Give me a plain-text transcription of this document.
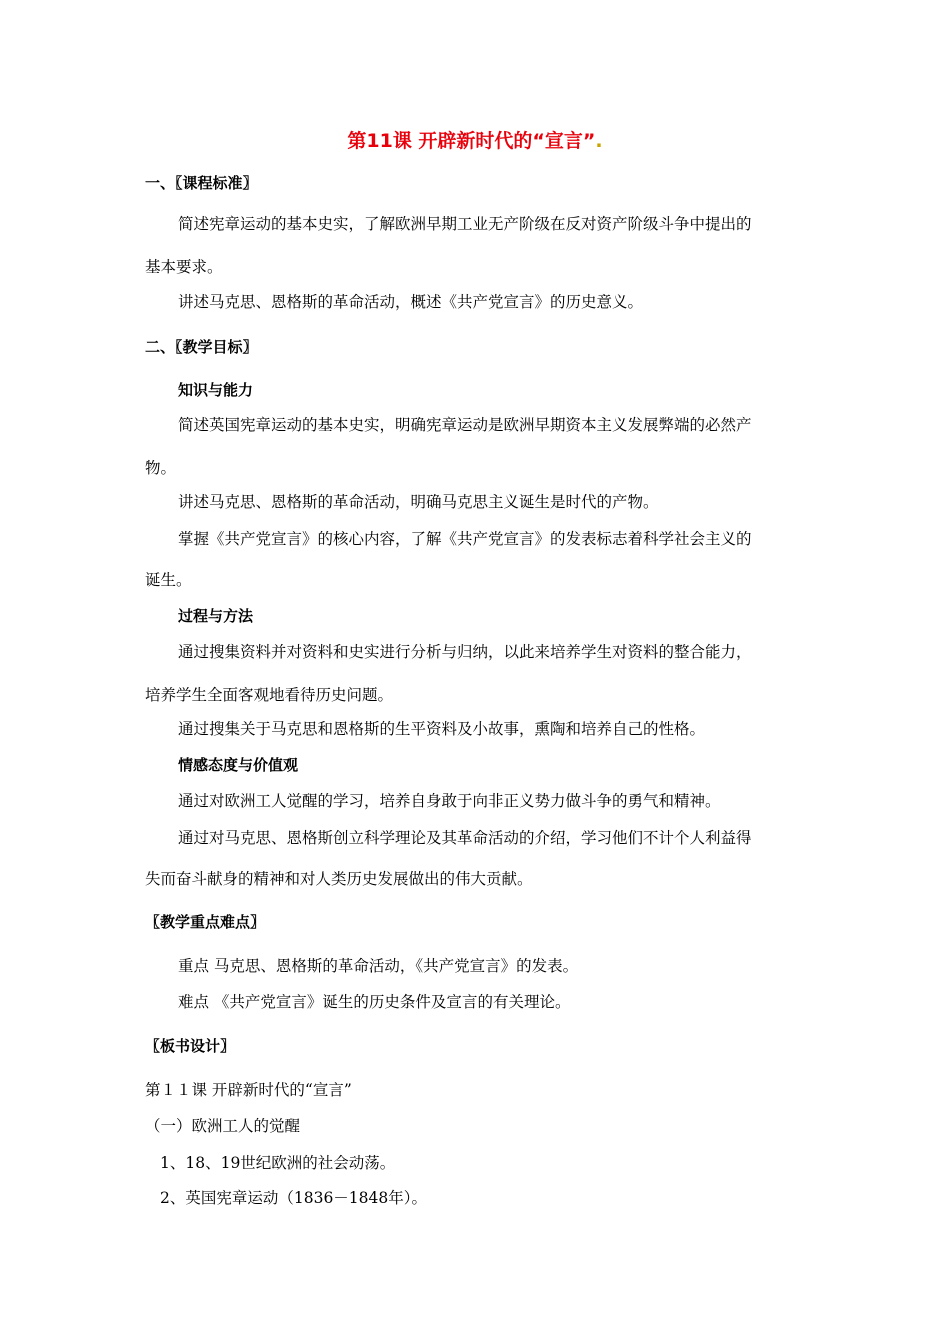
第11课 开辟新时代的“宣言”.
一、〖课程标准〗
简述宪章运动的基本史实，了解欧洲早期工业无产阶级在反对资产阶级斗争中提出的
基本要求。
讲述马克思、恩格斯的革命活动，概述《共产党宣言》的历史意义。
二、〖教学目标〗
知识与能力
简述英国宪章运动的基本史实，明确宪章运动是欧洲早期资本主义发展弊端的必然产
物。
讲述马克思、恩格斯的革命活动，明确马克思主义诞生是时代的产物。
掌握《共产党宣言》的核心内容，了解《共产党宣言》的发表标志着科学社会主义的
诞生。
过程与方法
通过搜集资料并对资料和史实进行分析与归纳，以此来培养学生对资料的整合能力，
培养学生全面客观地看待历史问题。
通过搜集关于马克思和恩格斯的生平资料及小故事，熏陶和培养自己的性格。
情感态度与价值观
通过对欧洲工人觉醒的学习，培养自身敢于向非正义势力做斗争的勇气和精神。
通过对马克思、恩格斯创立科学理论及其革命活动的介绍，学习他们不计个人利益得
失而奋斗献身的精神和对人类历史发展做出的伟大贡献。
〖教学重点难点〗
重点 马克思、恩格斯的革命活动，《共产党宣言》的发表。
难点 《共产党宣言》诞生的历史条件及宣言的有关理论。
〖板书设计〗
第１１课 开辟新时代的“宣言”
（一）欧洲工人的觉醒
1、18、19世纪欧洲的社会动荡。
2、英国宪章运动（1836－1848年）。
